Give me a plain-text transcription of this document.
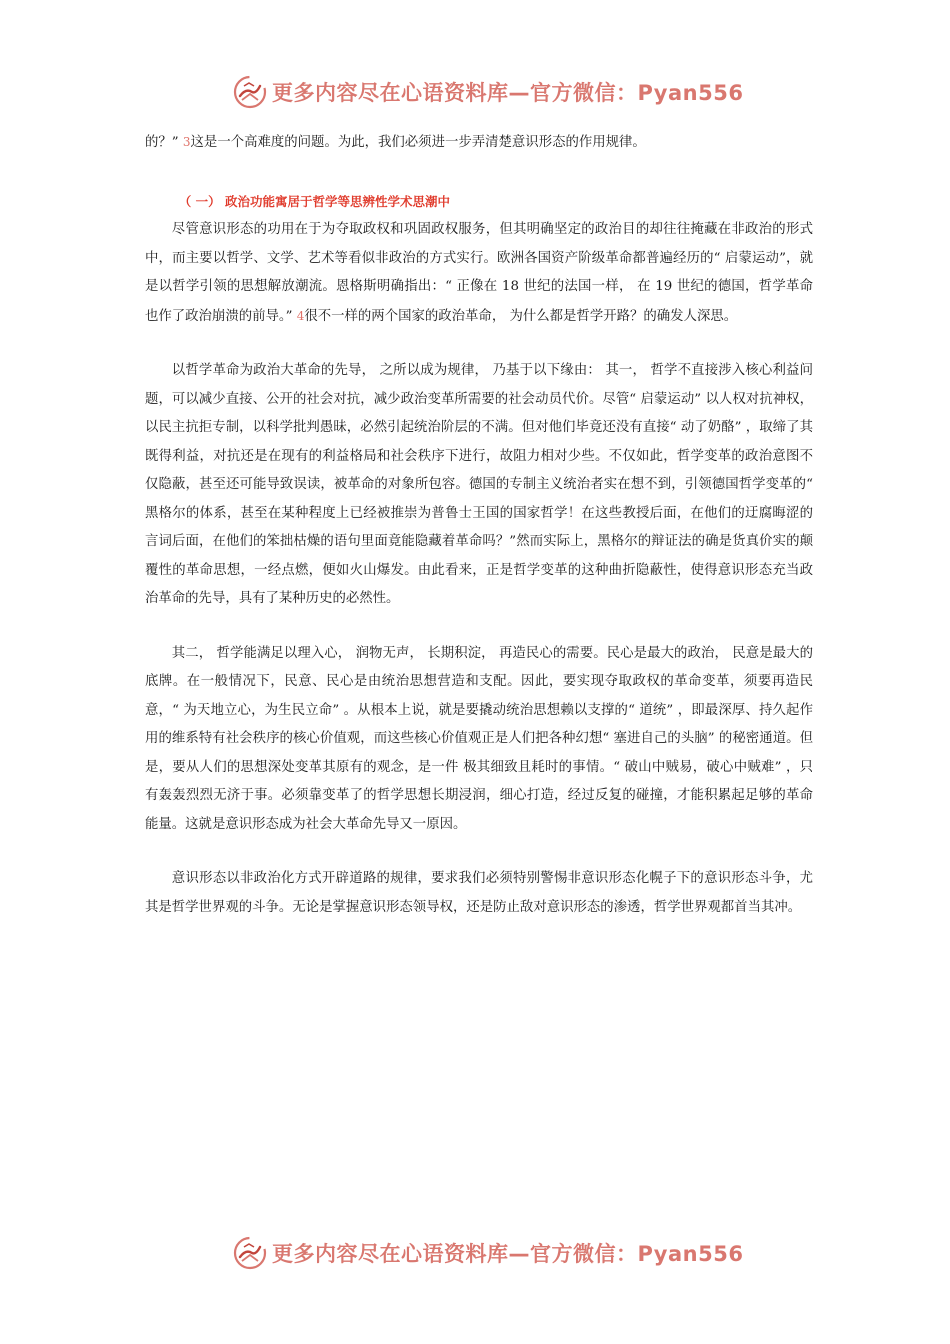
更多内容尽在心语资料库—官方微信：Pyan556

的？” 3这是一个高难度的问题。为此，我们必须进一步弄清楚意识形态的作用规律。

（ 一） 政治功能寓居于哲学等思辨性学术思潮中

尽管意识形态的功用在于为夺取政权和巩固政权服务，但其明确坚定的政治目的却往往掩藏在非政治的形式中，而主要以哲学、文学、艺术等看似非政治的方式实行。欧洲各国资产阶级革命都普遍经历的“ 启蒙运动”，就是以哲学引领的思想解放潮流。恩格斯明确指出：“ 正像在 18 世纪的法国一样， 在 19 世纪的德国，哲学革命也作了政治崩溃的前导。” 4很不一样的两个国家的政治革命， 为什么都是哲学开路？的确发人深思。

以哲学革命为政治大革命的先导， 之所以成为规律， 乃基于以下缘由： 其一， 哲学不直接涉入核心利益问题，可以减少直接、公开的社会对抗，减少政治变革所需要的社会动员代价。尽管“ 启蒙运动” 以人权对抗神权，以民主抗拒专制，以科学批判愚昧，必然引起统治阶层的不满。但对他们毕竟还没有直接“ 动了奶酪” ，取缔了其既得利益，对抗还是在现有的利益格局和社会秩序下进行，故阻力相对少些。不仅如此，哲学变革的政治意图不仅隐蔽，甚至还可能导致误读，被革命的对象所包容。德国的专制主义统治者实在想不到，引领德国哲学变革的“ 黑格尔的体系，甚至在某种程度上已经被推崇为普鲁士王国的国家哲学！在这些教授后面，在他们的迂腐晦涩的言词后面，在他们的笨拙枯燥的语句里面竟能隐藏着革命吗？”然而实际上，黑格尔的辩证法的确是货真价实的颠覆性的革命思想，一经点燃，便如火山爆发。由此看来，正是哲学变革的这种曲折隐蔽性，使得意识形态充当政治革命的先导，具有了某种历史的必然性。

其二， 哲学能满足以理入心， 润物无声， 长期积淀， 再造民心的需要。民心是最大的政治， 民意是最大的底牌。在一般情况下，民意、民心是由统治思想营造和支配。因此，要实现夺取政权的革命变革，须要再造民意，“ 为天地立心，为生民立命” 。从根本上说，就是要撬动统治思想赖以支撑的“ 道统” ，即最深厚、持久起作用的维系特有社会秩序的核心价值观，而这些核心价值观正是人们把各种幻想“ 塞进自己的头脑” 的秘密通道。但是，要从人们的思想深处变革其原有的观念，是一件 极其细致且耗时的事情。“ 破山中贼易，破心中贼难” ，只有轰轰烈烈无济于事。必须靠变革了的哲学思想长期浸润，细心打造，经过反复的碰撞，才能积累起足够的革命能量。这就是意识形态成为社会大革命先导又一原因。

意识形态以非政治化方式开辟道路的规律，要求我们必须特别警惕非意识形态化幌子下的意识形态斗争，尤其是哲学世界观的斗争。无论是掌握意识形态领导权，还是防止敌对意识形态的渗透，哲学世界观都首当其冲。

更多内容尽在心语资料库—官方微信：Pyan556
